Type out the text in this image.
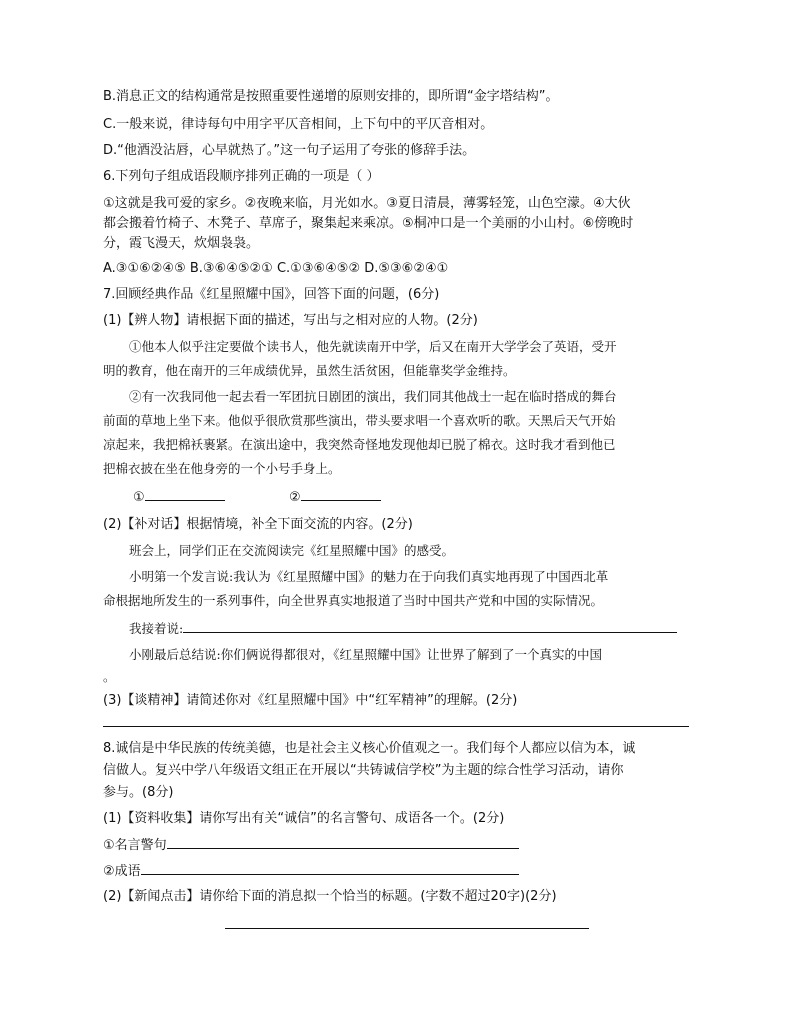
B.消息正文的结构通常是按照重要性递增的原则安排的，即所谓“金字塔结构”。
C.一般来说，律诗每句中用字平仄音相间，上下句中的平仄音相对。
D.“他酒没沾唇，心早就热了。”这一句子运用了夸张的修辞手法。
6.下列句子组成语段顺序排列正确的一项是（ ）
①这就是我可爱的家乡。②夜晚来临，月光如水。③夏日清晨，薄雾轻笼，山色空濛。④大伙
都会搬着竹椅子、木凳子、草席子，聚集起来乘凉。⑤桐冲口是一个美丽的小山村。⑥傍晚时
分，霞飞漫天，炊烟袅袅。
A.③①⑥②④⑤ B.③⑥④⑤②① C.①③⑥④⑤② D.⑤③⑥②④①
7.回顾经典作品《红星照耀中国》，回答下面的问题，(6分)
(1)【辨人物】请根据下面的描述，写出与之相对应的人物。(2分)
①他本人似乎注定要做个读书人，他先就读南开中学，后又在南开大学学会了英语，受开
明的教育，他在南开的三年成绩优异，虽然生活贫困，但能靠奖学金维持。
②有一次我同他一起去看一军团抗日剧团的演出，我们同其他战士一起在临时搭成的舞台
前面的草地上坐下来。他似乎很欣赏那些演出，带头要求唱一个喜欢听的歌。天黑后天气开始
凉起来，我把棉袄裹紧。在演出途中，我突然奇怪地发现他却已脱了棉衣。这时我才看到他已
把棉衣披在坐在他身旁的一个小号手身上。
①	②
(2)【补对话】根据情境，补全下面交流的内容。(2分)
班会上，同学们正在交流阅读完《红星照耀中国》的感受。
小明第一个发言说:我认为《红星照耀中国》的魅力在于向我们真实地再现了中国西北革
命根据地所发生的一系列事件，向全世界真实地报道了当时中国共产党和中国的实际情况。
我接着说:
小刚最后总结说:你们俩说得都很对，《红星照耀中国》让世界了解到了一个真实的中国
。
(3)【谈精神】请简述你对《红星照耀中国》中“红军精神”的理解。(2分)
8.诚信是中华民族的传统美德，也是社会主义核心价值观之一。我们每个人都应以信为本，诚
信做人。复兴中学八年级语文组正在开展以“共铸诚信学校”为主题的综合性学习活动，请你
参与。(8分)
(1)【资料收集】请你写出有关“诚信”的名言警句、成语各一个。(2分)
①名言警句
②成语
(2)【新闻点击】请你给下面的消息拟一个恰当的标题。(字数不超过20字)(2分)
